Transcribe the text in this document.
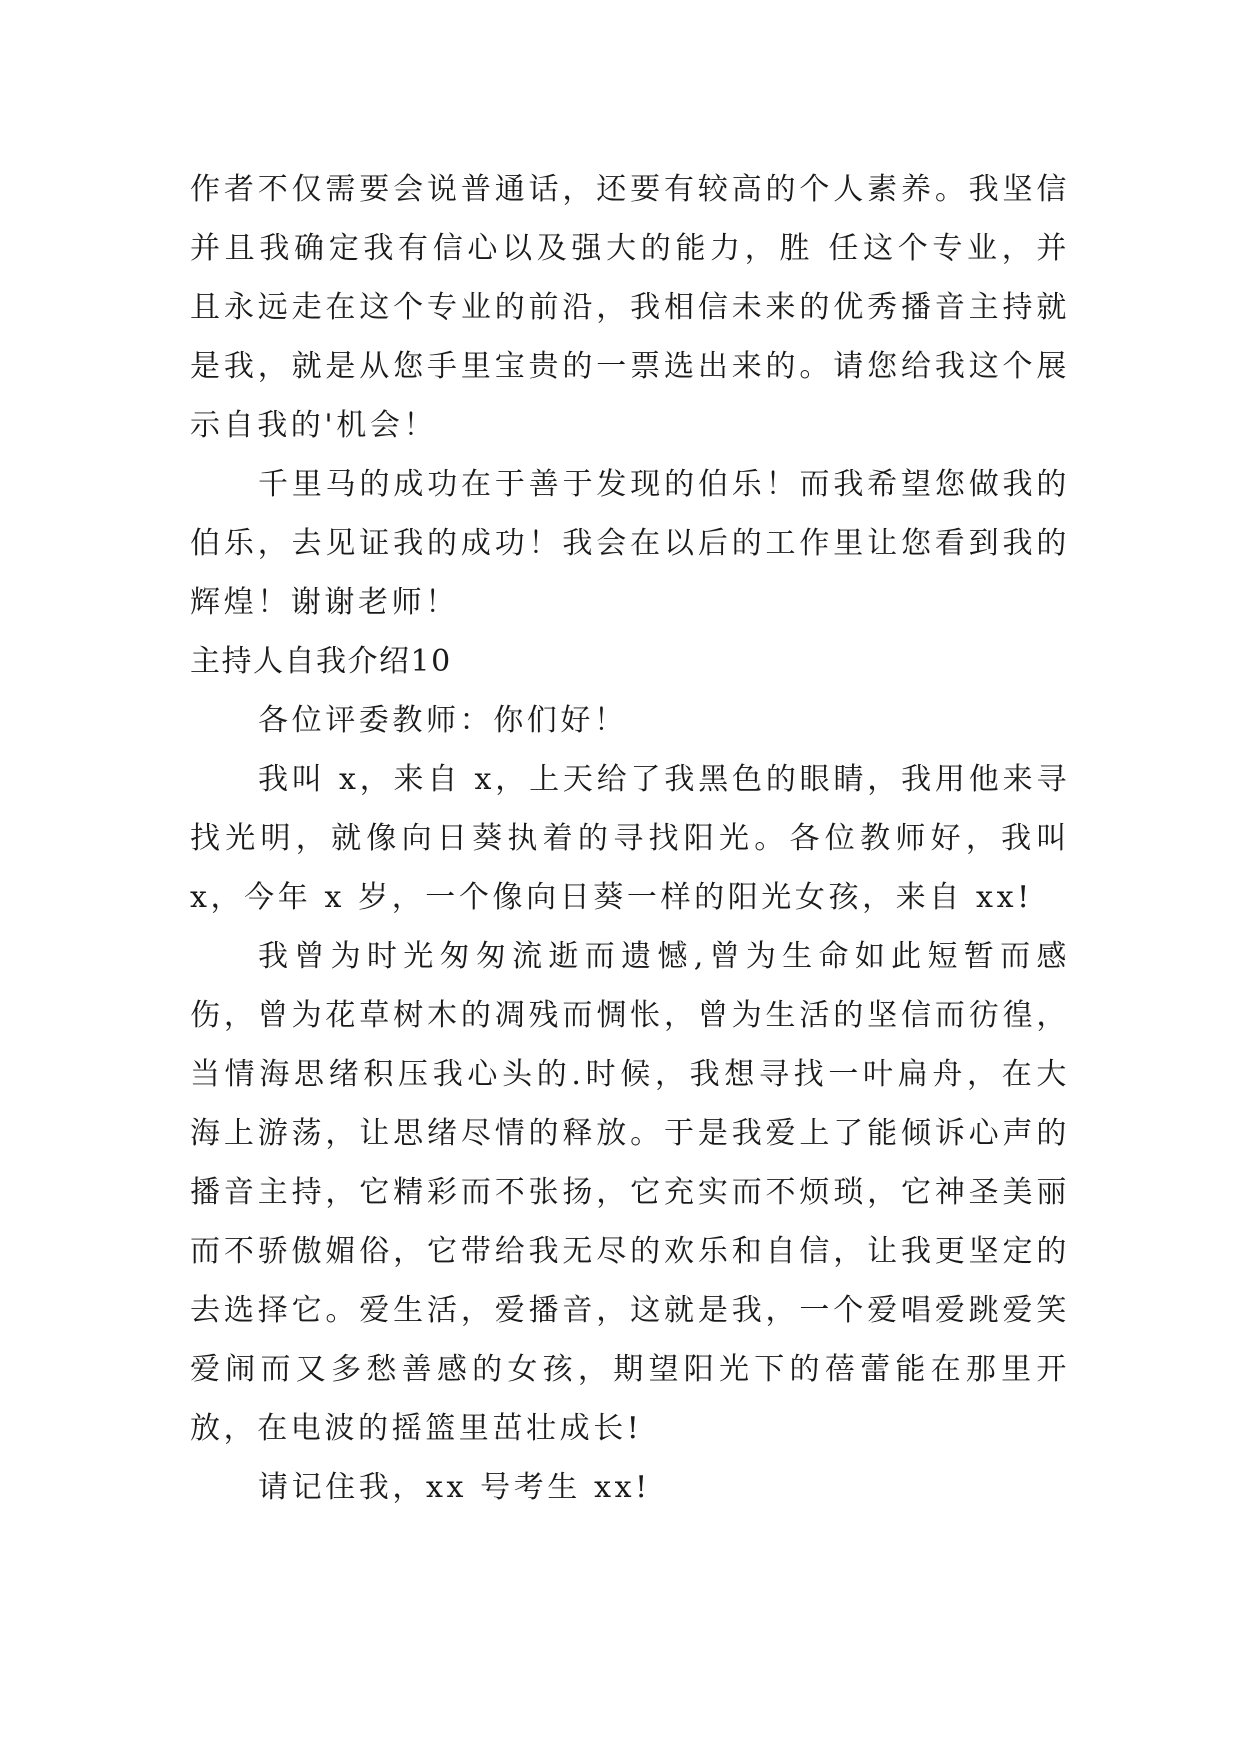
作者不仅需要会说普通话，还要有较高的个人素养。我坚信并且我确定我有信心以及强大的能力，胜 任这个专业，并且永远走在这个专业的前沿，我相信未来的优秀播音主持就是我，就是从您手里宝贵的一票选出来的。请您给我这个展示自我的'机会！

千里马的成功在于善于发现的伯乐！而我希望您做我的伯乐，去见证我的成功！我会在以后的工作里让您看到我的辉煌！谢谢老师！

主持人自我介绍10

各位评委教师：你们好！

我叫 x，来自 x，上天给了我黑色的眼睛，我用他来寻找光明，就像向日葵执着的寻找阳光。各位教师好，我叫 x，今年 x 岁，一个像向日葵一样的阳光女孩，来自 xx!

我曾为时光匆匆流逝而遗憾,曾为生命如此短暂而感伤，曾为花草树木的凋残而惆怅，曾为生活的坚信而彷徨，当情海思绪积压我心头的.时候，我想寻找一叶扁舟，在大海上游荡，让思绪尽情的释放。于是我爱上了能倾诉心声的播音主持，它精彩而不张扬，它充实而不烦琐，它神圣美丽而不骄傲媚俗，它带给我无尽的欢乐和自信，让我更坚定的去选择它。爱生活，爱播音，这就是我，一个爱唱爱跳爱笑爱闹而又多愁善感的女孩，期望阳光下的蓓蕾能在那里开放，在电波的摇篮里茁壮成长!

请记住我，xx 号考生 xx!
